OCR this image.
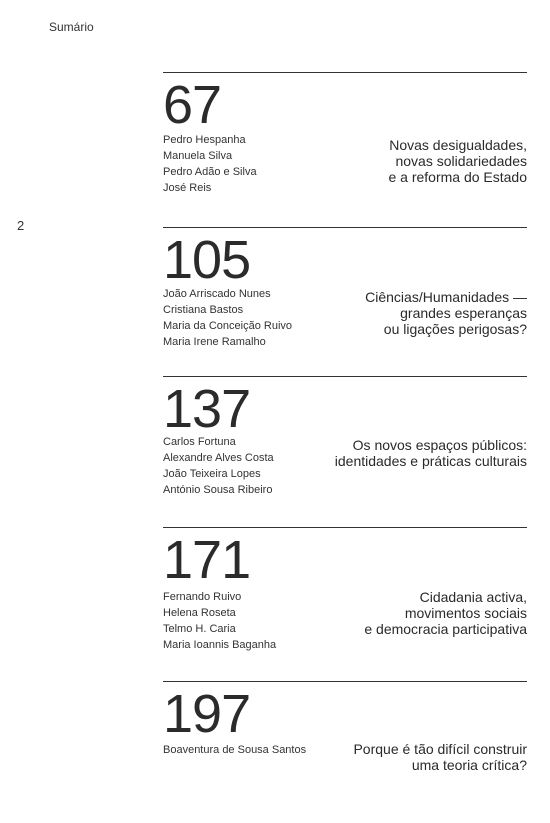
Sumário
2
67
Pedro Hespanha
Manuela Silva
Pedro Adão e Silva
José Reis
Novas desigualdades,
novas solidariedades
e a reforma do Estado
105
João Arriscado Nunes
Cristiana Bastos
Maria da Conceição Ruivo
Maria Irene Ramalho
Ciências/Humanidades —
grandes esperanças
ou ligações perigosas?
137
Carlos Fortuna
Alexandre Alves Costa
João Teixeira Lopes
António Sousa Ribeiro
Os novos espaços públicos:
identidades e práticas culturais
171
Fernando Ruivo
Helena Roseta
Telmo H. Caria
Maria Ioannis Baganha
Cidadania activa,
movimentos sociais
e democracia participativa
197
Boaventura de Sousa Santos	Porque é tão difícil construir
uma teoria crítica?
